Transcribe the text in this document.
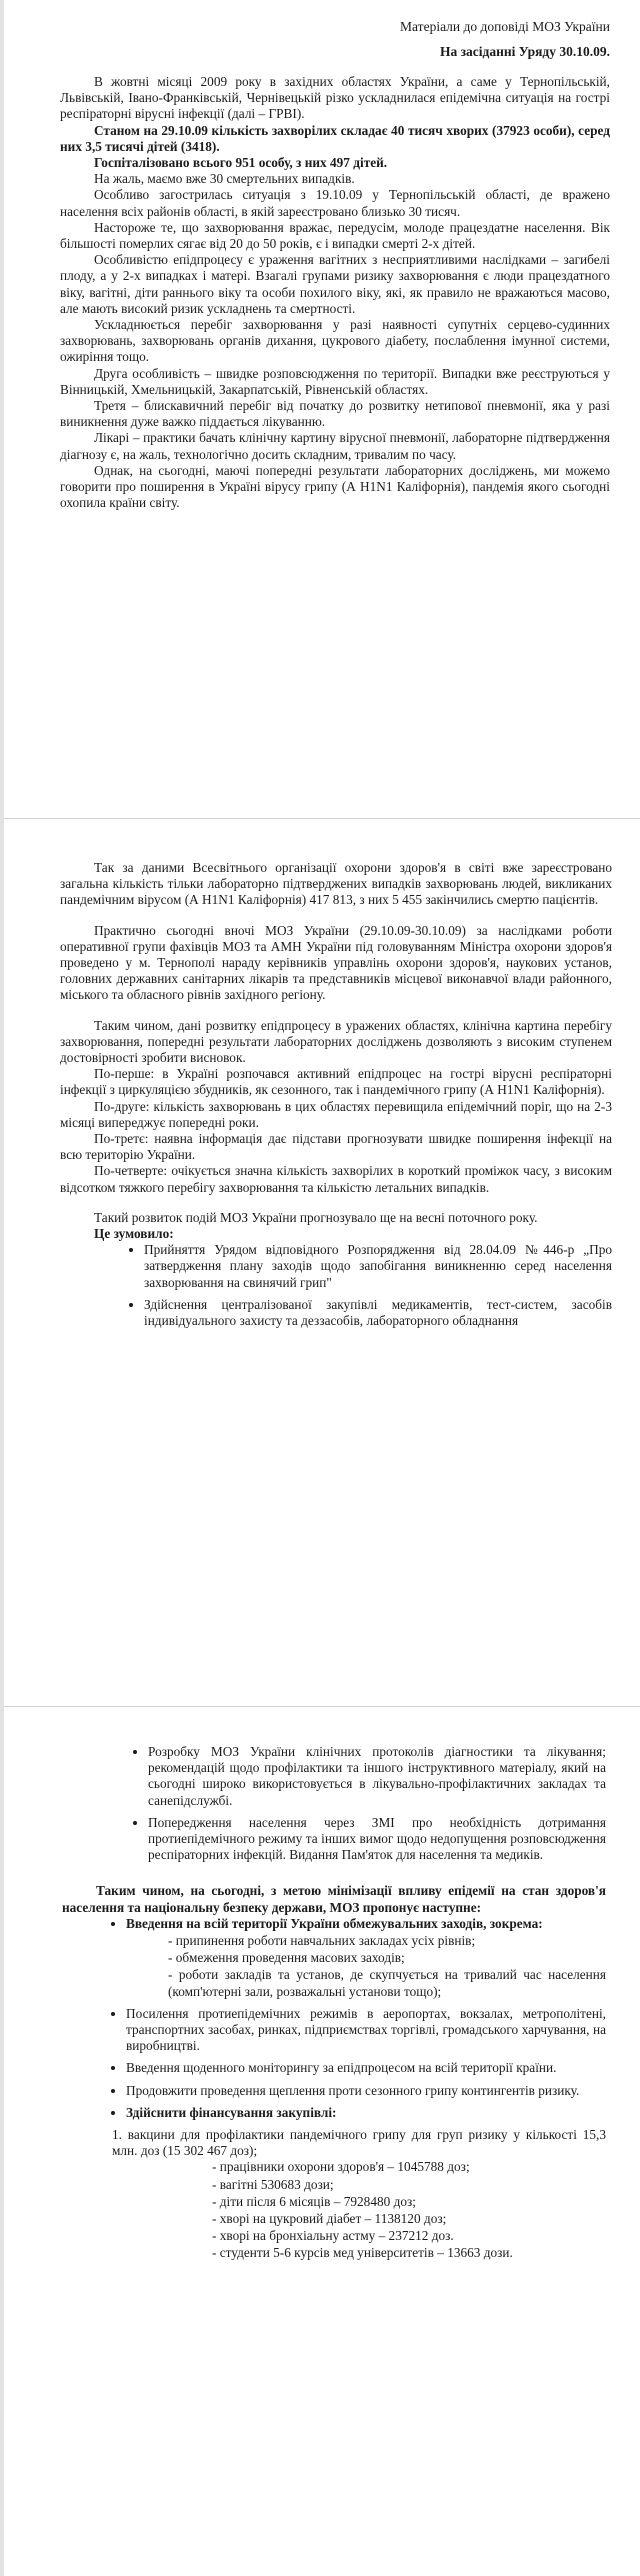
Матеріали до доповіді МОЗ України

На засіданні Уряду 30.10.09.

В жовтні місяці 2009 року в західних областях України, а саме у Тернопільській, Львівській, Івано-Франківській, Чернівецькій різко ускладнилася епідемічна ситуація на гострі респіраторні вірусні інфекції (далі – ГРВІ).

Станом на 29.10.09 кількість захворілих складає 40 тисяч хворих (37923 особи), серед них 3,5 тисячі дітей (3418).

Госпіталізовано всього 951 особу, з них 497 дітей.

На жаль, маємо вже 30 смертельних випадків.

Особливо загострилась ситуація з 19.10.09 у Тернопільській області, де вражено населення всіх районів області, в якій зареєстровано близько 30 тисяч.

Настороже те, що захворювання вражає, передусім, молоде працездатне населення. Вік більшості померлих сягає від 20 до 50 років, є і випадки смерті 2-х дітей.

Особливістю епідпроцесу є ураження вагітних з несприятливими наслідками – загибелі плоду, а у 2-х випадках і матері. Взагалі групами ризику захворювання є люди працездатного віку, вагітні, діти раннього віку та особи похилого віку, які, як правило не вражаються масово, але мають високий ризик ускладнень та смертності.

Ускладнюється перебіг захворювання у разі наявності супутніх серцево-судинних захворювань, захворювань органів дихання, цукрового діабету, послаблення імунної системи, ожиріння тощо.

Друга особливість – швидке розповсюдження по території. Випадки вже реєструються у Вінницькій, Хмельницькій, Закарпатській, Рівненській областях.

Третя – блискавичний перебіг від початку до розвитку нетипової пневмонії, яка у разі виникнення дуже важко піддається лікуванню.

Лікарі – практики бачать клінічну картину вірусної пневмонії, лабораторне підтвердження діагнозу є, на жаль, технологічно досить складним, тривалим по часу.

Однак, на сьогодні, маючі попередні результати лабораторних досліджень, ми можемо говорити про поширення в Україні вірусу грипу (А Н1N1 Каліфорнія), пандемія якого сьогодні охопила країни світу.

Так за даними Всесвітнього організації охорони здоров'я в світі вже зареєстровано загальна кількість тільки лабораторно підтверджених випадків захворювань людей, викликаних пандемічним вірусом (А Н1N1 Каліфорнія) 417 813, з них 5 455 закінчились смертю пацієнтів.

Практично сьогодні вночі МОЗ України (29.10.09-30.10.09) за наслідками роботи оперативної групи фахівців МОЗ та АМН України під головуванням Міністра охорони здоров'я проведено у м. Тернополі нараду керівників управлінь охорони здоров'я, наукових установ, головних державних санітарних лікарів та представників місцевої виконавчої влади районного, міського та обласного рівнів західного регіону.

Таким чином, дані розвитку епідпроцесу в уражених областях, клінічна картина перебігу захворювання, попередні результати лабораторних досліджень дозволяють з високим ступенем достовірності зробити висновок.

По-перше: в Україні розпочався активний епідпроцес на гострі вірусні респіраторні інфекції з циркуляцією збудників, як сезонного, так і пандемічного грипу (А Н1N1 Каліфорнія).

По-друге: кількість захворювань в цих областях перевищила епідемічний поріг, що на 2-3 місяці випереджує попередні роки.

По-третє: наявна інформація дає підстави прогнозувати швидке поширення інфекції на всю територію України.

По-четверте: очікується значна кількість захворілих в короткий проміжок часу, з високим відсотком тяжкого перебігу захворювання та кількістю летальних випадків.

Такий розвиток подій МОЗ України прогнозувало ще на весні поточного року.

Це зумовило:

• Прийняття Урядом відповідного Розпорядження від 28.04.09 №446-р „Про затвердження плану заходів щодо запобігання виникненню серед населення захворювання на свинячий грип"
• Здійснення централізованої закупівлі медикаментів, тест-систем, засобів індивідуального захисту та деззасобів, лабораторного обладнання
• Розробку МОЗ України клінічних протоколів діагностики та лікування; рекомендацій щодо профілактики та іншого інструктивного матеріалу, який на сьогодні широко використовується в лікувально-профілактичних закладах та санепідслужбі.
• Попередження населення через ЗМІ про необхідність дотримання протиепідемічного режиму та інших вимог щодо недопущення розповсюдження респіраторних інфекцій. Видання Пам'яток для населення та медиків.

Таким чином, на сьогодні, з метою мінімізації впливу епідемії на стан здоров'я населення та національну безпеку держави, МОЗ пропонує наступне:

• Введення на всій території України обмежувальних заходів, зокрема:
- припинення роботи навчальних закладах усіх рівнів;
- обмеження проведення масових заходів;
- роботи закладів та установ, де скупчується на тривалий час населення (комп'ютерні зали, розважальні установи тощо);
• Посилення протиепідемічних режимів в аеропортах, вокзалах, метрополітені, транспортних засобах, ринках, підприємствах торгівлі, громадського харчування, на виробництві.
• Введення щоденного моніторингу за епідпроцесом на всій території країни.
• Продовжити проведення щеплення проти сезонного грипу контингентів ризику.
• Здійснити фінансування закупівлі:

1. вакцини для профілактики пандемічного грипу для груп ризику у кількості 15,3 млн. доз (15 302 467 доз);

- працівники охорони здоров'я – 1045788 доз;
- вагітні 530683 дози;
- діти після 6 місяців – 7928480 доз;
- хворі на цукровий діабет – 1138120 доз;
- хворі на бронхіальну астму – 237212 доз.
- студенти 5-6 курсів мед університетів – 13663 дози.
